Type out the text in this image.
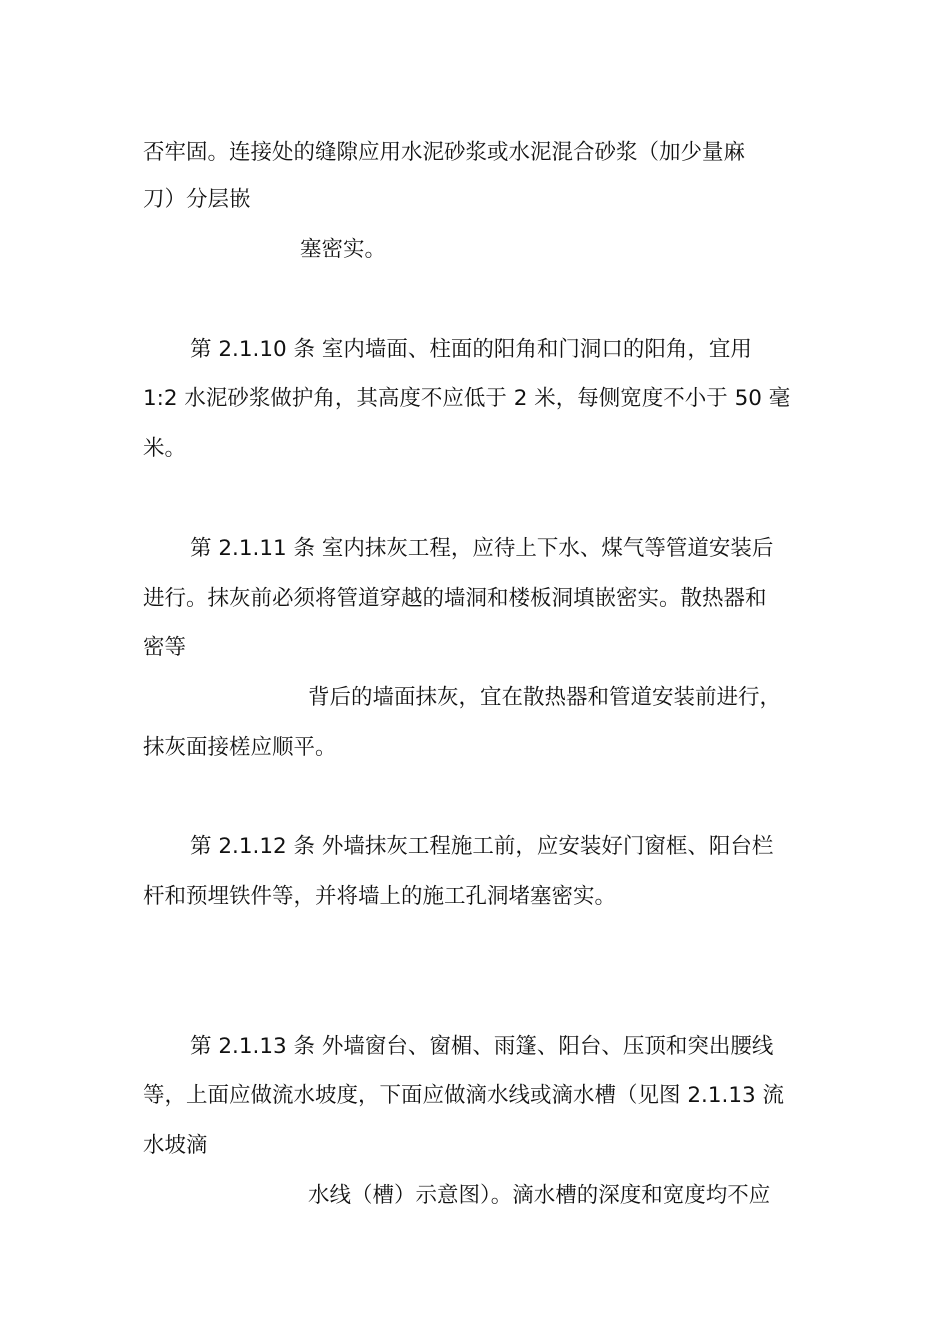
否牢固。连接处的缝隙应用水泥砂浆或水泥混合砂浆（加少量麻

刀）分层嵌

塞密实。

第 2.1.10 条 室内墙面、柱面的阳角和门洞口的阳角，宜用

1:2 水泥砂浆做护角，其高度不应低于 2 米，每侧宽度不小于 50 毫

米。

第 2.1.11 条 室内抹灰工程，应待上下水、煤气等管道安装后

进行。抹灰前必须将管道穿越的墙洞和楼板洞填嵌密实。散热器和

密等

背后的墙面抹灰，宜在散热器和管道安装前进行，

抹灰面接槎应顺平。

第 2.1.12 条 外墙抹灰工程施工前，应安装好门窗框、阳台栏

杆和预埋铁件等，并将墙上的施工孔洞堵塞密实。

第 2.1.13 条 外墙窗台、窗楣、雨篷、阳台、压顶和突出腰线

等，上面应做流水坡度，下面应做滴水线或滴水槽（见图 2.1.13 流

水坡滴

水线（槽）示意图）。滴水槽的深度和宽度均不应
